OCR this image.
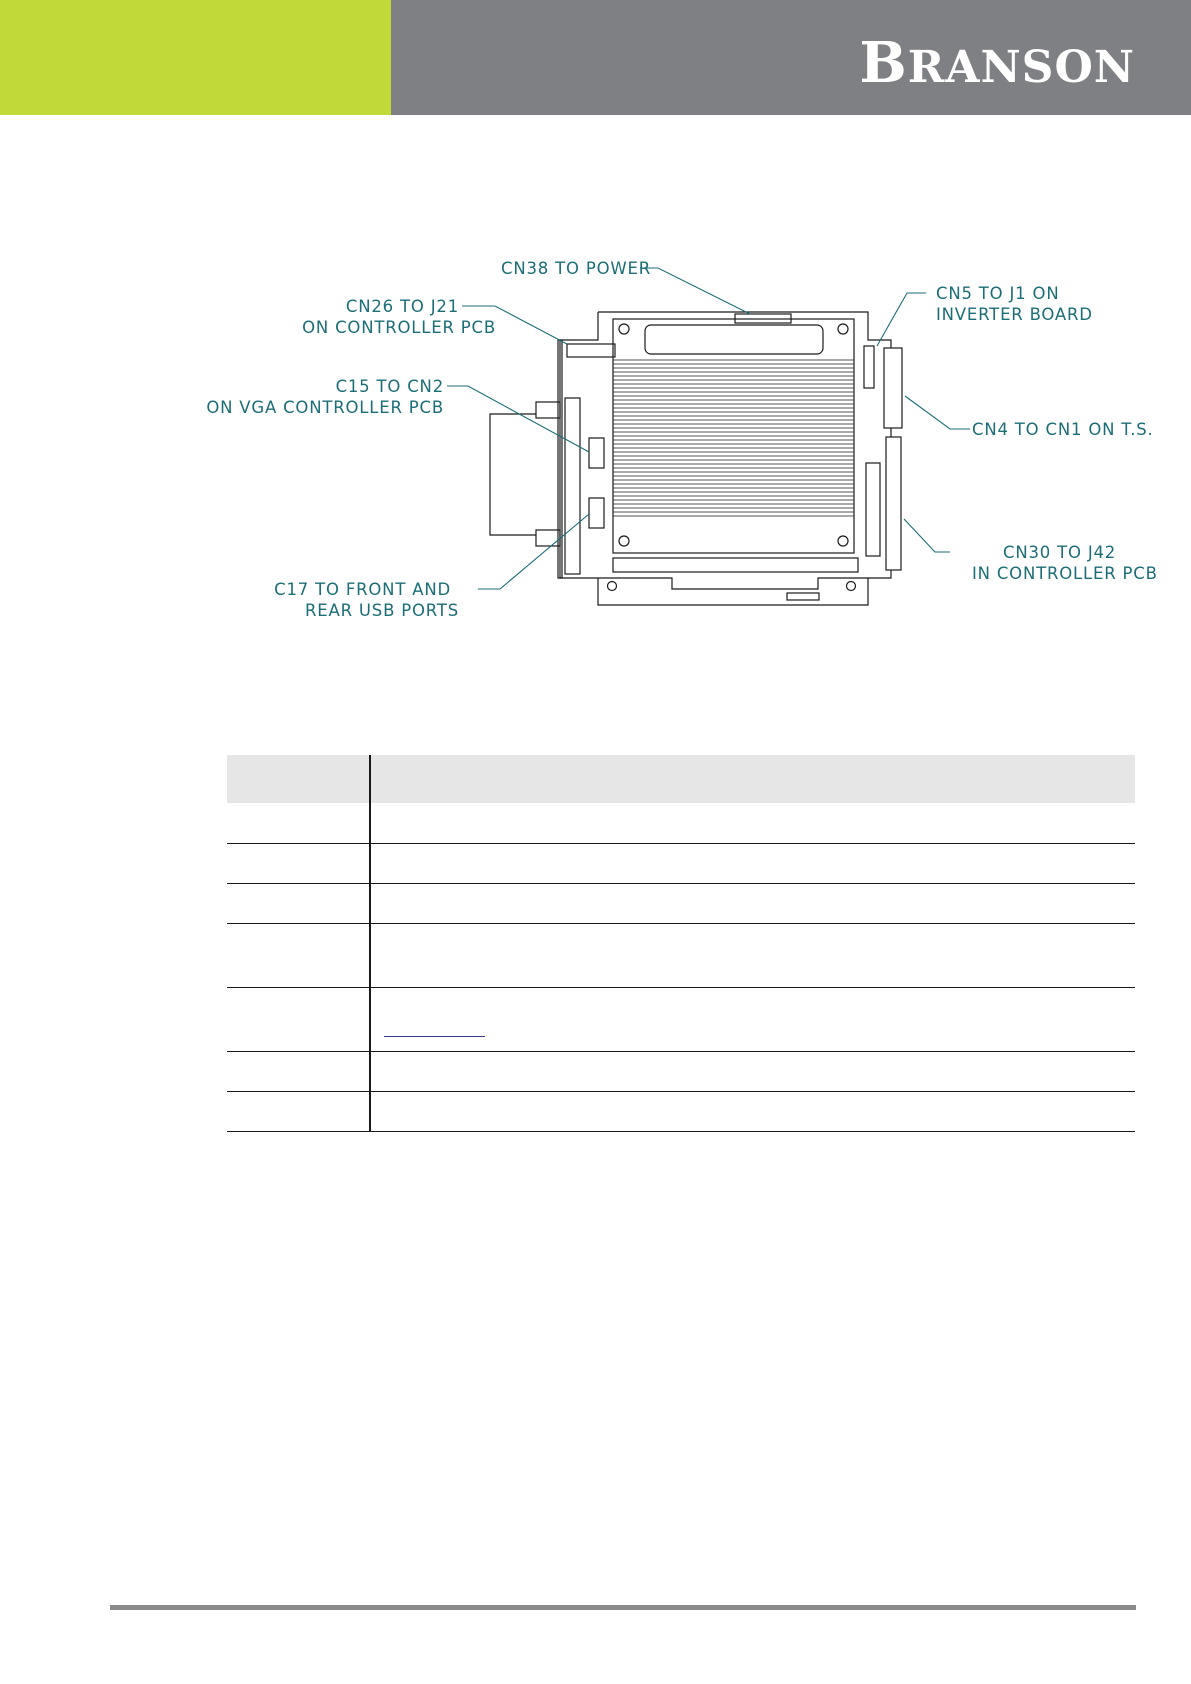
BRANSON
CN38 TO POWER
CN26 TO J21
ON CONTROLLER PCB
C15 TO CN2
ON VGA CONTROLLER PCB
C17 TO FRONT AND
REAR USB PORTS
CN5 TO J1 ON
INVERTER BOARD
CN4 TO CN1 ON T.S.
CN30 TO J42
IN CONTROLLER PCB
